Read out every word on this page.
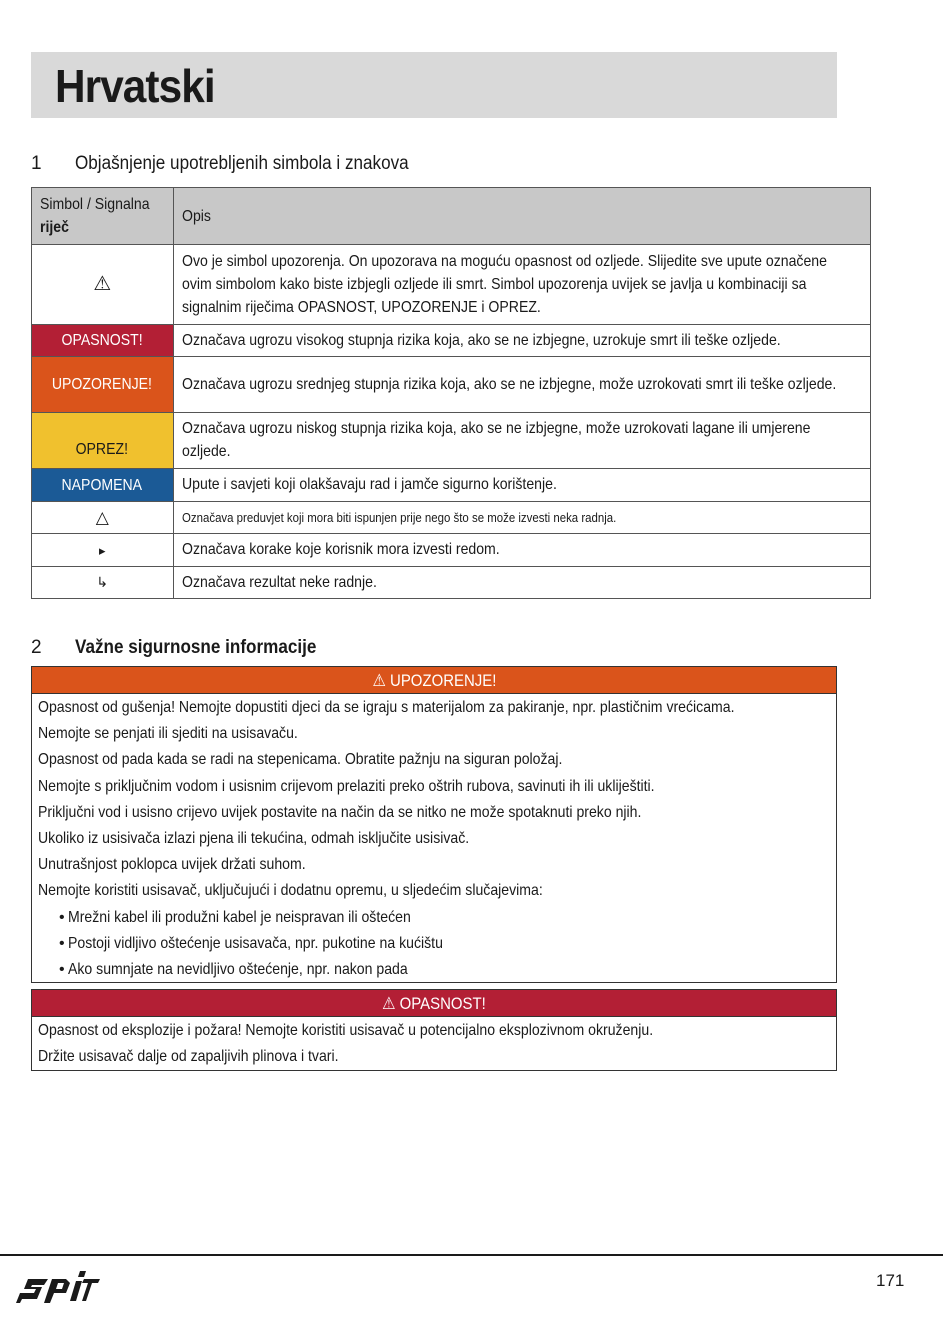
Hrvatski
1 Objašnjenje upotrebljenih simbola i znakova
Simbol / Signalna
riječ	Opis
⚠	Ovo je simbol upozorenja. On upozorava na moguću opasnost od ozljede. Slijedite sve upute označene ovim simbolom kako biste izbjegli ozljede ili smrt. Simbol upozorenja uvijek se javlja u kombinaciji sa signalnim riječima OPASNOST, UPOZORENJE i OPREZ.

OPASNOST!	Označava ugrozu visokog stupnja rizika koja, ako se ne izbjegne, uzrokuje smrt ili teške ozljede.
UPOZORENJE!	Označava ugrozu srednjeg stupnja rizika koja, ako se ne izbjegne, može uzrokovati smrt ili teške ozljede.

OPREZ!	Označava ugrozu niskog stupnja rizika koja, ako se ne izbjegne, može uzrokovati lagane ili umjerene ozljede.

NAPOMENA	Upute i savjeti koji olakšavaju rad i jamče sigurno korištenje.
△	Označava preduvjet koji mora biti ispunjen prije nego što se može izvesti neka radnja.
▸	Označava korake koje korisnik mora izvesti redom.
↳	Označava rezultat neke radnje.
2 Važne sigurnosne informacije
⚠ UPOZORENJE!
Opasnost od gušenja! Nemojte dopustiti djeci da se igraju s materijalom za pakiranje, npr. plastičnim vrećicama.
Nemojte se penjati ili sjediti na usisavaču.
Opasnost od pada kada se radi na stepenicama. Obratite pažnju na siguran položaj.
Nemojte s priključnim vodom i usisnim crijevom prelaziti preko oštrih rubova, savinuti ih ili ukliještiti.
Priključni vod i usisno crijevo uvijek postavite na način da se nitko ne može spotaknuti preko njih.
Ukoliko iz usisivača izlazi pjena ili tekućina, odmah isključite usisivač.
Unutrašnjost poklopca uvijek držati suhom.
Nemojte koristiti usisavač, uključujući i dodatnu opremu, u sljedećim slučajevima:
• Mrežni kabel ili produžni kabel je neispravan ili oštećen
• Postoji vidljivo oštećenje usisavača, npr. pukotine na kućištu
• Ako sumnjate na nevidljivo oštećenje, npr. nakon pada
⚠ OPASNOST!
Opasnost od eksplozije i požara! Nemojte koristiti usisavač u potencijalno eksplozivnom okruženju.
Držite usisavač dalje od zapaljivih plinova i tvari.
171
